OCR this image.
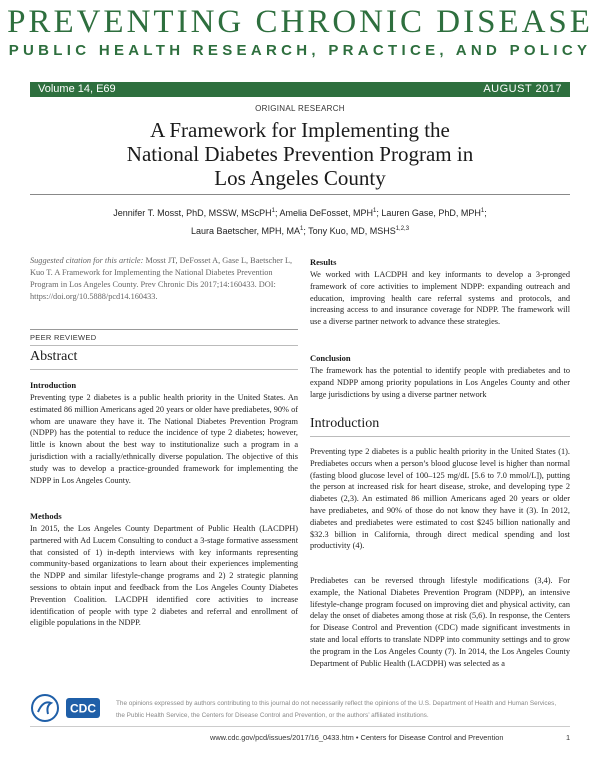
PREVENTING CHRONIC DISEASE
PUBLIC HEALTH RESEARCH, PRACTICE, AND POLICY
Volume 14, E69	AUGUST 2017
ORIGINAL RESEARCH
A Framework for Implementing the
National Diabetes Prevention Program in
Los Angeles County
Jennifer T. Mosst, PhD, MSSW, MScPH$^1$; Amelia DeFosset, MPH$^1$; Lauren Gase, PhD, MPH$^1$;
Laura Baetscher, MPH, $MA^1$; Tony Kuo, MD, MSHS$^{1,2,3}$
Suggested citation for this article: Mosst JT, DeFosset A, Gase L, Baetscher L, Kuo T. A Framework for Implementing the National Diabetes Prevention Program in Los Angeles County. Prev Chronic Dis 2017;14:160433. DOI: https://doi.org/10.5888/pcd14.160433.
PEER REVIEWED
Abstract
Introduction
Preventing type 2 diabetes is a public health priority in the United States. An estimated 86 million Americans aged 20 years or older have prediabetes, 90% of whom are unaware they have it. The National Diabetes Prevention Program (NDPP) has the potential to reduce the incidence of type 2 diabetes; however, little is known about the best way to institutionalize such a program in a jurisdiction with a racially/ethnically diverse population. The objective of this study was to develop a practice-grounded framework for implementing the NDPP in Los Angeles County.
Methods
In 2015, the Los Angeles County Department of Public Health (LACDPH) partnered with Ad Lucem Consulting to conduct a 3-stage formative assessment that consisted of 1) in-depth interviews with key informants representing community-based organizations to learn about their experiences implementing the NDPP and similar lifestyle-change programs and 2) 2 strategic planning sessions to obtain input and feedback from the Los Angeles County Diabetes Prevention Coalition. LACDPH identified core activities to increase identification of people with type 2 diabetes and referral and enrollment of eligible populations in the NDPP.
Results
We worked with LACDPH and key informants to develop a 3-pronged framework of core activities to implement NDPP: expanding outreach and education, improving health care referral systems and protocols, and increasing access to and insurance coverage for NDPP. The framework will use a diverse partner network to advance these strategies.
Conclusion
The framework has the potential to identify people with prediabetes and to expand NDPP among priority populations in Los Angeles County and other large jurisdictions by using a diverse partner network
Introduction
Preventing type 2 diabetes is a public health priority in the United States (1). Prediabetes occurs when a person’s blood glucose level is higher than normal (fasting blood glucose level of 100–125 mg/dL [5.6 to 7.0 mmol/L]), putting the person at increased risk for heart disease, stroke, and developing type 2 diabetes (2,3). An estimated 86 million Americans aged 20 years or older have prediabetes, and 90% of those do not know they have it (3). In 2012, diabetes and prediabetes were estimated to cost $245 billion nationally and $32.3 billion in California, through direct medical spending and lost productivity (4).
Prediabetes can be reversed through lifestyle modifications (3,4). For example, the National Diabetes Prevention Program (NDPP), an intensive lifestyle-change program focused on improving diet and physical activity, can delay the onset of diabetes among those at risk (5,6). In response, the Centers for Disease Control and Prevention (CDC) made significant investments in state and local efforts to translate NDPP into community settings and to grow the program in the Los Angeles County (7). In 2014, the Los Angeles County Department of Public Health (LACDPH) was selected as a
CDC	The opinions expressed by authors contributing to this journal do not necessarily reflect the opinions of the U.S. Department of Health and Human Services, the Public Health Service, the Centers for Disease Control and Prevention, or the authors’ affiliated institutions.
www.cdc.gov/pcd/issues/2017/16_0433.htm • Centers for Disease Control and Prevention	1
